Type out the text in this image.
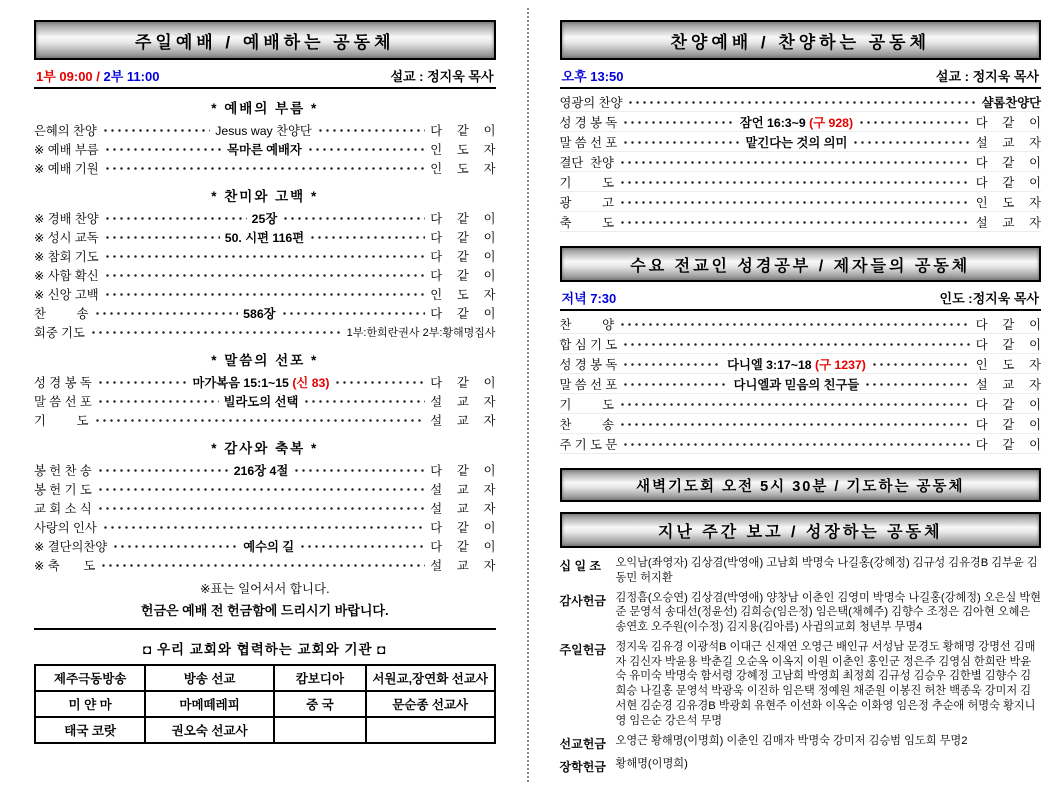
주일예배 / 예배하는 공동체
1부 09:00 / 2부 11:00	설교 : 정지욱 목사
* 예배의 부름 *
은혜의 찬양	Jesus way 찬양단	다  같  이
※ 예배 부름	목마른 예배자	인  도  자
※ 예배 기원	인  도  자
* 찬미와 고백 *
※ 경배 찬양	25장	다  같  이
※ 성시 교독	50. 시편 116편	다  같  이
※ 참회 기도	다  같  이
※ 사함 확신	다  같  이
※ 신앙 고백	인  도  자
찬         송	586장	다  같  이
회중 기도	1부:한희란권사 2부:황해명집사
* 말씀의 선포 *
성 경 봉 독	마가복음 15:1~15 (신 83)	다  같  이
말 씀 선 포	빌라도의 선택	설  교  자
기         도	설  교  자
* 감사와 축복 *
봉 헌 찬 송	216장 4절	다  같  이
봉 헌 기 도	설  교  자
교 회 소 식	설  교  자
사랑의 인사	다  같  이
※ 결단의찬양	예수의 길	다  같  이
※ 축       도	설  교  자
※표는 일어서서 합니다.
헌금은 예배 전 헌금함에 드리시기 바랍니다.
◘ 우리 교회와 협력하는 교회와 기관 ◘
제주극동방송	방송 선교	캄보디아	서원교,장연화 선교사
미 얀 마	마메떼레피	중 국	문순종 선교사
태국 코랏	권오숙 선교사		
찬양예배 / 찬양하는 공동체
오후 13:50	설교 : 정지욱 목사
영광의 찬양	샬롬찬양단
성 경 봉 독	잠언 16:3~9 (구 928)	다  같  이
말 씀 선 포	맡긴다는 것의 의미	설  교  자
결단  찬양	다  같  이
기         도	다  같  이
광         고	인  도  자
축         도	설  교  자
수요 전교인 성경공부 / 제자들의 공동체
저녁 7:30	인도 :정지욱 목사
찬         양	다  같  이
합 심 기 도	다  같  이
성 경 봉 독	다니엘 3:17~18 (구 1237)	인  도  자
말 씀 선 포	다니엘과 믿음의 친구들	설  교  자
기         도	다  같  이
찬         송	다  같  이
주 기 도 문	다  같  이
새벽기도회 오전 5시 30분 / 기도하는 공동체
지난 주간 보고 / 성장하는 공동체
십 일 조	오익남(좌영자) 김상겸(박영애) 고남회 박명숙 나길홍(강혜정) 김규성 김유경B 김부윤 김동민 허지환
감사헌금 김정흠(오승연) 김상겸(박영애) 양창남 이춘인 김영미 박명숙 나길홍(강혜정) 오은실 박현준 문영석 송대선(정윤선) 김희승(임은정) 임은택(채혜주) 김향수 조정은 김아현 오혜은 송연호 오주원(이수정) 김지용(김아름) 사귐의교회 청년부 무명4
주일헌금 정지욱 김유경 이광석B 이대근 신재연 오영근 배인규 서성남 문경도 황해명 강명선 김매자 김신자 박윤용 박춘길 오순옥 이옥지 이원 이춘인 홍인군 정은주 김영심 한희란 박윤숙 유미숙 박명숙 함서령 강혜정 고남희 박영희 최정희 김규성 김승우 김한별 김향수 김희승 나길홍 문영석 박광욱 이진하 임은택 정예원 채준원 이봉진 허찬 백종욱 강미저 김서현 김순경 김유경B 박광회 유현주 이선화 이옥순 이화영 임은정 추순애 허명숙 황지니영 임은순 강은석 무명
선교헌금 오영근 황해명(이명희) 이춘인 김매자 박명숙 강미저 김승범 임도희 무명2
장학헌금 황해명(이명희)
